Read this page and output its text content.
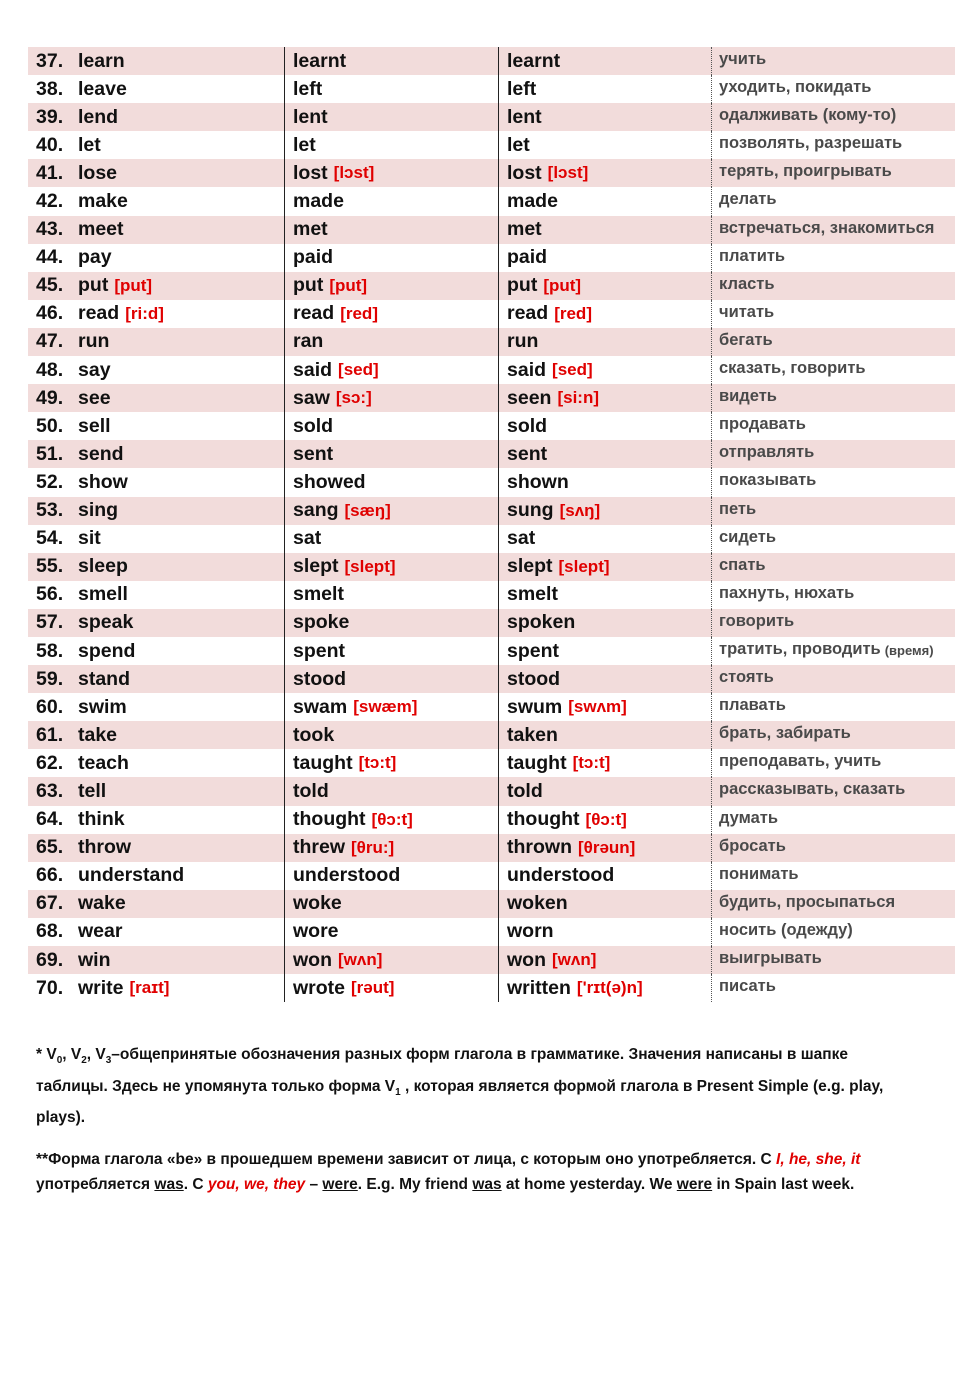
37. learn	learnt	learnt	учить
38. leave	left	left	уходить, покидать
39. lend	lent	lent	одалживать (кому-то)
40. let	let	let	позволять, разрешать
41. lose	lost [lɔst]	lost [lɔst]	терять, проигрывать
42. make	made	made	делать
43. meet	met	met	встречаться, знакомиться
44. pay	paid	paid	платить
45. put [put]	put [put]	put [put]	класть
46. read [ri:d]	read [red]	read [red]	читать
47. run	ran	run	бегать
48. say	said [sed]	said [sed]	сказать, говорить
49. see	saw [sɔ:]	seen [si:n]	видеть
50. sell	sold	sold	продавать
51. send	sent	sent	отправлять
52. show	showed	shown	показывать
53. sing	sang [sæŋ]	sung [sʌŋ]	петь
54. sit	sat	sat	сидеть
55. sleep	slept [slept]	slept [slept]	спать
56. smell	smelt	smelt	пахнуть, нюхать
57. speak	spoke	spoken	говорить
58. spend	spent	spent	тратить, проводить (время)
59. stand	stood	stood	стоять
60. swim	swam [swæm]	swum [swʌm]	плавать
61. take	took	taken	брать, забирать
62. teach	taught [tɔ:t]	taught [tɔ:t]	преподавать, учить
63. tell	told	told	рассказывать, сказать
64. think	thought [θɔ:t]	thought [θɔ:t]	думать
65. throw	threw [θru:]	thrown [θrəun]	бросать
66. understand	understood	understood	понимать
67. wake	woke	woken	будить, просыпаться
68. wear	wore	worn	носить (одежду)
69. win	won [wʌn]	won [wʌn]	выигрывать
70. write [raɪt]	wrote [rəut]	written ['rɪt(ə)n]	писать

* $V_0$, $V_2$, $V_3$–общепринятые обозначения разных форм глагола в грамматике. Значения написаны в шапке таблицы. Здесь не упомянута только форма $V_1$ , которая является формой глагола в Present Simple (e.g. play, plays).

**Форма глагола «be» в прошедшем времени зависит от лица, с которым оно употребляется. С I, he, she, it употребляется was. С you, we, they – were. E.g. My friend was at home yesterday. We were in Spain last week.
